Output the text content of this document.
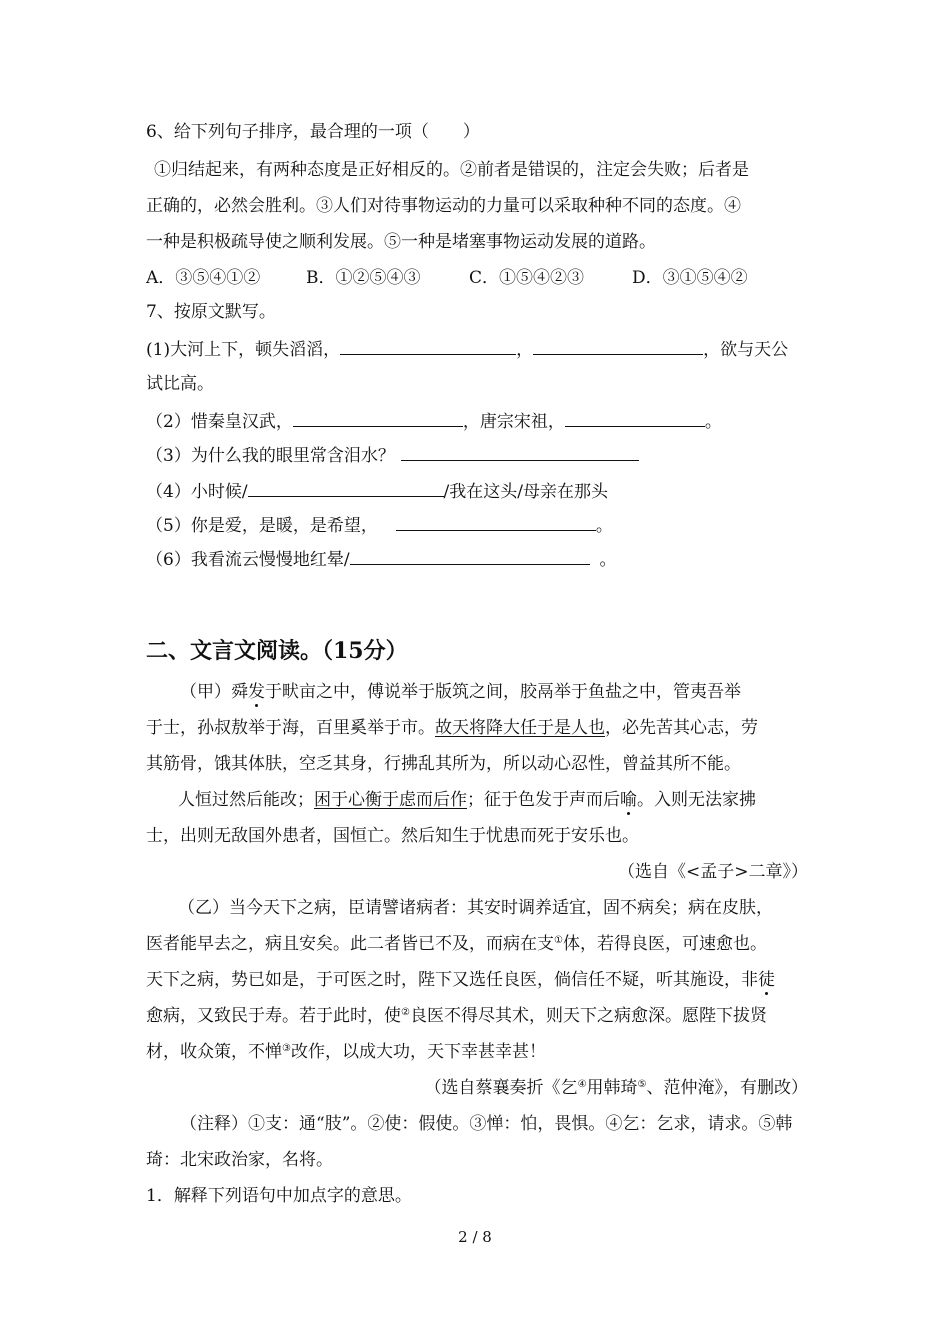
6、给下列句子排序，最合理的一项（　　）
①归结起来，有两种态度是正好相反的。②前者是错误的，注定会失败；后者是
正确的，必然会胜利。③人们对待事物运动的力量可以采取种种不同的态度。④
一种是积极疏导使之顺利发展。⑤一种是堵塞事物运动发展的道路。
A．③⑤④①②	B．①②⑤④③	C．①⑤④②③	D．③①⑤④②
7、按原文默写。
(1)大河上下，顿失滔滔，	，	，欲与天公
试比高。
（2）惜秦皇汉武，	，唐宗宋祖，	。
（3）为什么我的眼里常含泪水？
（4）小时候/	/我在这头/母亲在那头
（5）你是爱，是暖，是希望，	。
（6）我看流云慢慢地红晕/	。
二、文言文阅读。（15分）
（甲）舜发于畎亩之中，傅说举于版筑之间，胶鬲举于鱼盐之中，管夷吾举
于士，孙叔敖举于海，百里奚举于市。故天将降大任于是人也，必先苦其心志，劳
其筋骨，饿其体肤，空乏其身，行拂乱其所为，所以动心忍性，曾益其所不能。
人恒过然后能改；困于心衡于虑而后作；征于色发于声而后喻。入则无法家拂
士，出则无敌国外患者，国恒亡。然后知生于忧患而死于安乐也。
（选自《<孟子>二章》）
（乙）当今天下之病，臣请譬诸病者：其安时调养适宜，固不病矣；病在皮肤，
医者能早去之，病且安矣。此二者皆已不及，而病在支①体，若得良医，可速愈也。
天下之病，势已如是，于可医之时，陛下又选任良医，倘信任不疑，听其施设，非徒
愈病，又致民于寿。若于此时，使②良医不得尽其术，则天下之病愈深。愿陛下拔贤
材，收众策，不惮③改作，以成大功，天下幸甚幸甚！
（选自蔡襄奏折《乞④用韩琦⑤、范仲淹》，有删改）
（注释）①支：通“肢”。②使：假使。③惮：怕，畏惧。④乞：乞求，请求。⑤韩
琦：北宋政治家，名将。
1．解释下列语句中加点字的意思。
2 / 8
